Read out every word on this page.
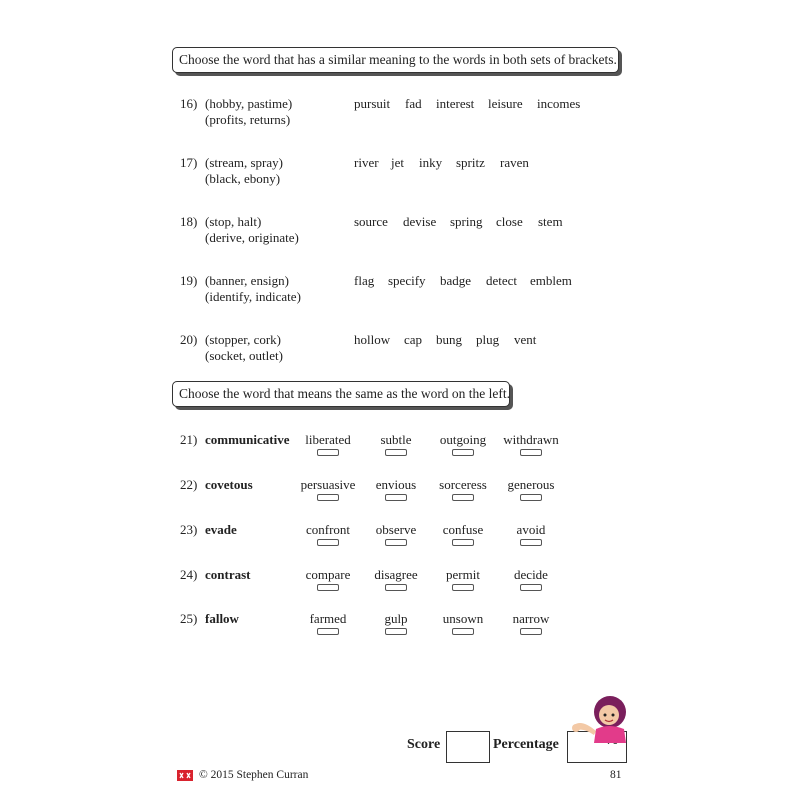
Choose the word that has a similar meaning to the words in both sets of brackets.
16) (hobby, pastime)
(profits, returns)
pursuit fad interest leisure incomes
17) (stream, spray)
(black, ebony)
river jet inky spritz raven
18) (stop, halt)
(derive, originate)
source devise spring close stem
19) (banner, ensign)
(identify, indicate)
flag specify badge detect emblem
20) (stopper, cork)
(socket, outlet)
hollow cap bung plug vent
Choose the word that means the same as the word on the left.
21) communicative	liberated	subtle	outgoing	withdrawn
22) covetous	persuasive	envious	sorceress	generous
23) evade	confront	observe	confuse	avoid
24) contrast	compare	disagree	permit	decide
25) fallow	farmed	gulp	unsown	narrow
Score	Percentage
© 2015 Stephen Curran	81
